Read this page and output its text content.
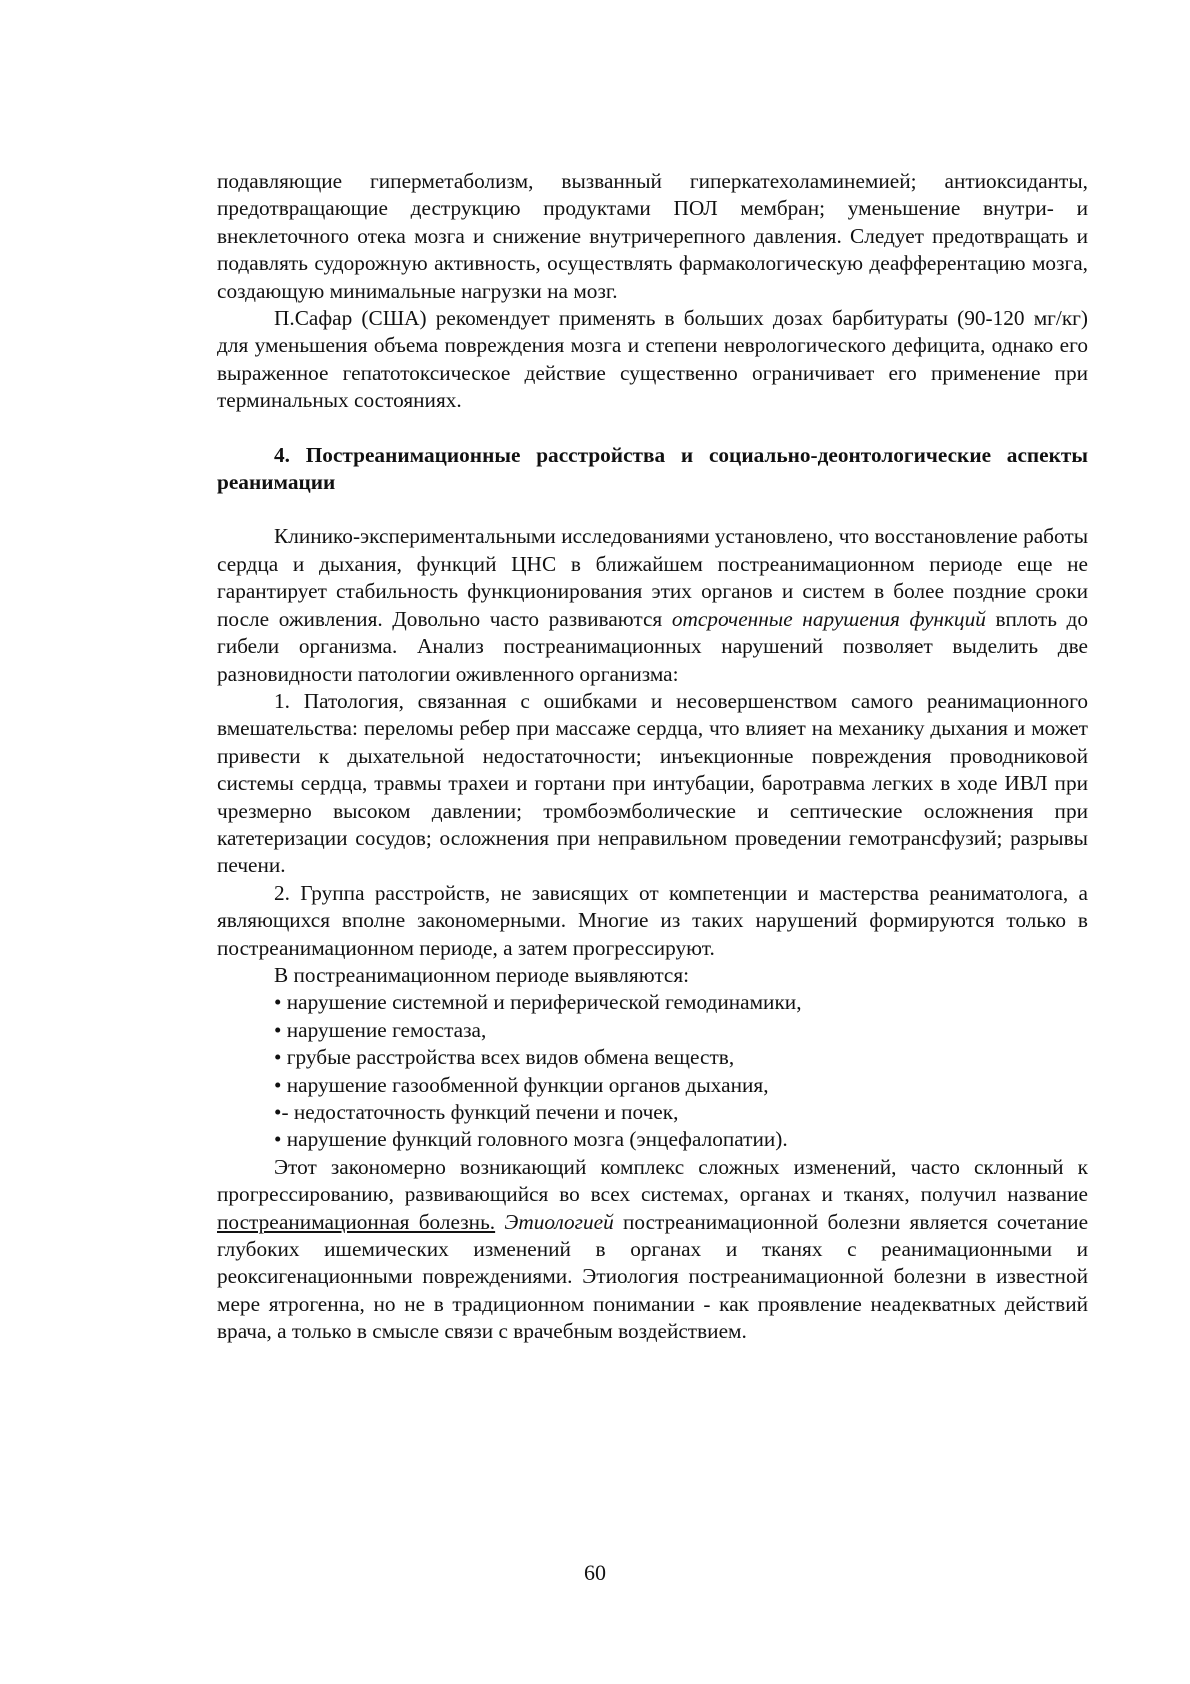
подавляющие гиперметаболизм, вызванный гиперкатехоламинемией; антиоксиданты, предотвращающие деструкцию продуктами ПОЛ мембран; уменьшение внутри- и внеклеточного отека мозга и снижение внутричерепного давления. Следует предотвращать и подавлять судорожную активность, осуществлять фармакологическую деафферентацию мозга, создающую минимальные нагрузки на мозг.

П.Сафар (США) рекомендует применять в больших дозах барбитураты (90-120 мг/кг) для уменьшения объема повреждения мозга и степени неврологического дефицита, однако его выраженное гепатотоксическое действие существенно ограничивает его применение при терминальных состояниях.

4. Постреанимационные расстройства и социально-деонтологические аспекты реанимации

Клинико-экспериментальными исследованиями установлено, что восстановление работы сердца и дыхания, функций ЦНС в ближайшем постреанимационном периоде еще не гарантирует стабильность функционирования этих органов и систем в более поздние сроки после оживления. Довольно часто развиваются отсроченные нарушения функций вплоть до гибели организма. Анализ постреанимационных нарушений позволяет выделить две разновидности патологии оживленного организма:

1. Патология, связанная с ошибками и несовершенством самого реанимационного вмешательства: переломы ребер при массаже сердца, что влияет на механику дыхания и может привести к дыхательной недостаточности; инъекционные повреждения проводниковой системы сердца, травмы трахеи и гортани при интубации, баротравма легких в ходе ИВЛ при чрезмерно высоком давлении; тромбоэмболические и септические осложнения при катетеризации сосудов; осложнения при неправильном проведении гемотрансфузий; разрывы печени.

2. Группа расстройств, не зависящих от компетенции и мастерства реаниматолога, а являющихся вполне закономерными. Многие из таких нарушений формируются только в постреанимационном периоде, а затем прогрессируют.

В постреанимационном периоде выявляются:

• нарушение системной и периферической гемодинамики,

• нарушение гемостаза,

• грубые расстройства всех видов обмена веществ,

• нарушение газообменной функции органов дыхания,

•- недостаточность функций печени и почек,

• нарушение функций головного мозга (энцефалопатии).

Этот закономерно возникающий комплекс сложных изменений, часто склонный к прогрессированию, развивающийся во всех системах, органах и тканях, получил название постреанимационная болезнь. Этиологией постреанимационной болезни является сочетание глубоких ишемических изменений в органах и тканях с реанимационными и реоксигенационными повреждениями. Этиология постреанимационной болезни в известной мере ятрогенна, но не в традиционном понимании - как проявление неадекватных действий врача, а только в смысле связи с врачебным воздействием.

60
